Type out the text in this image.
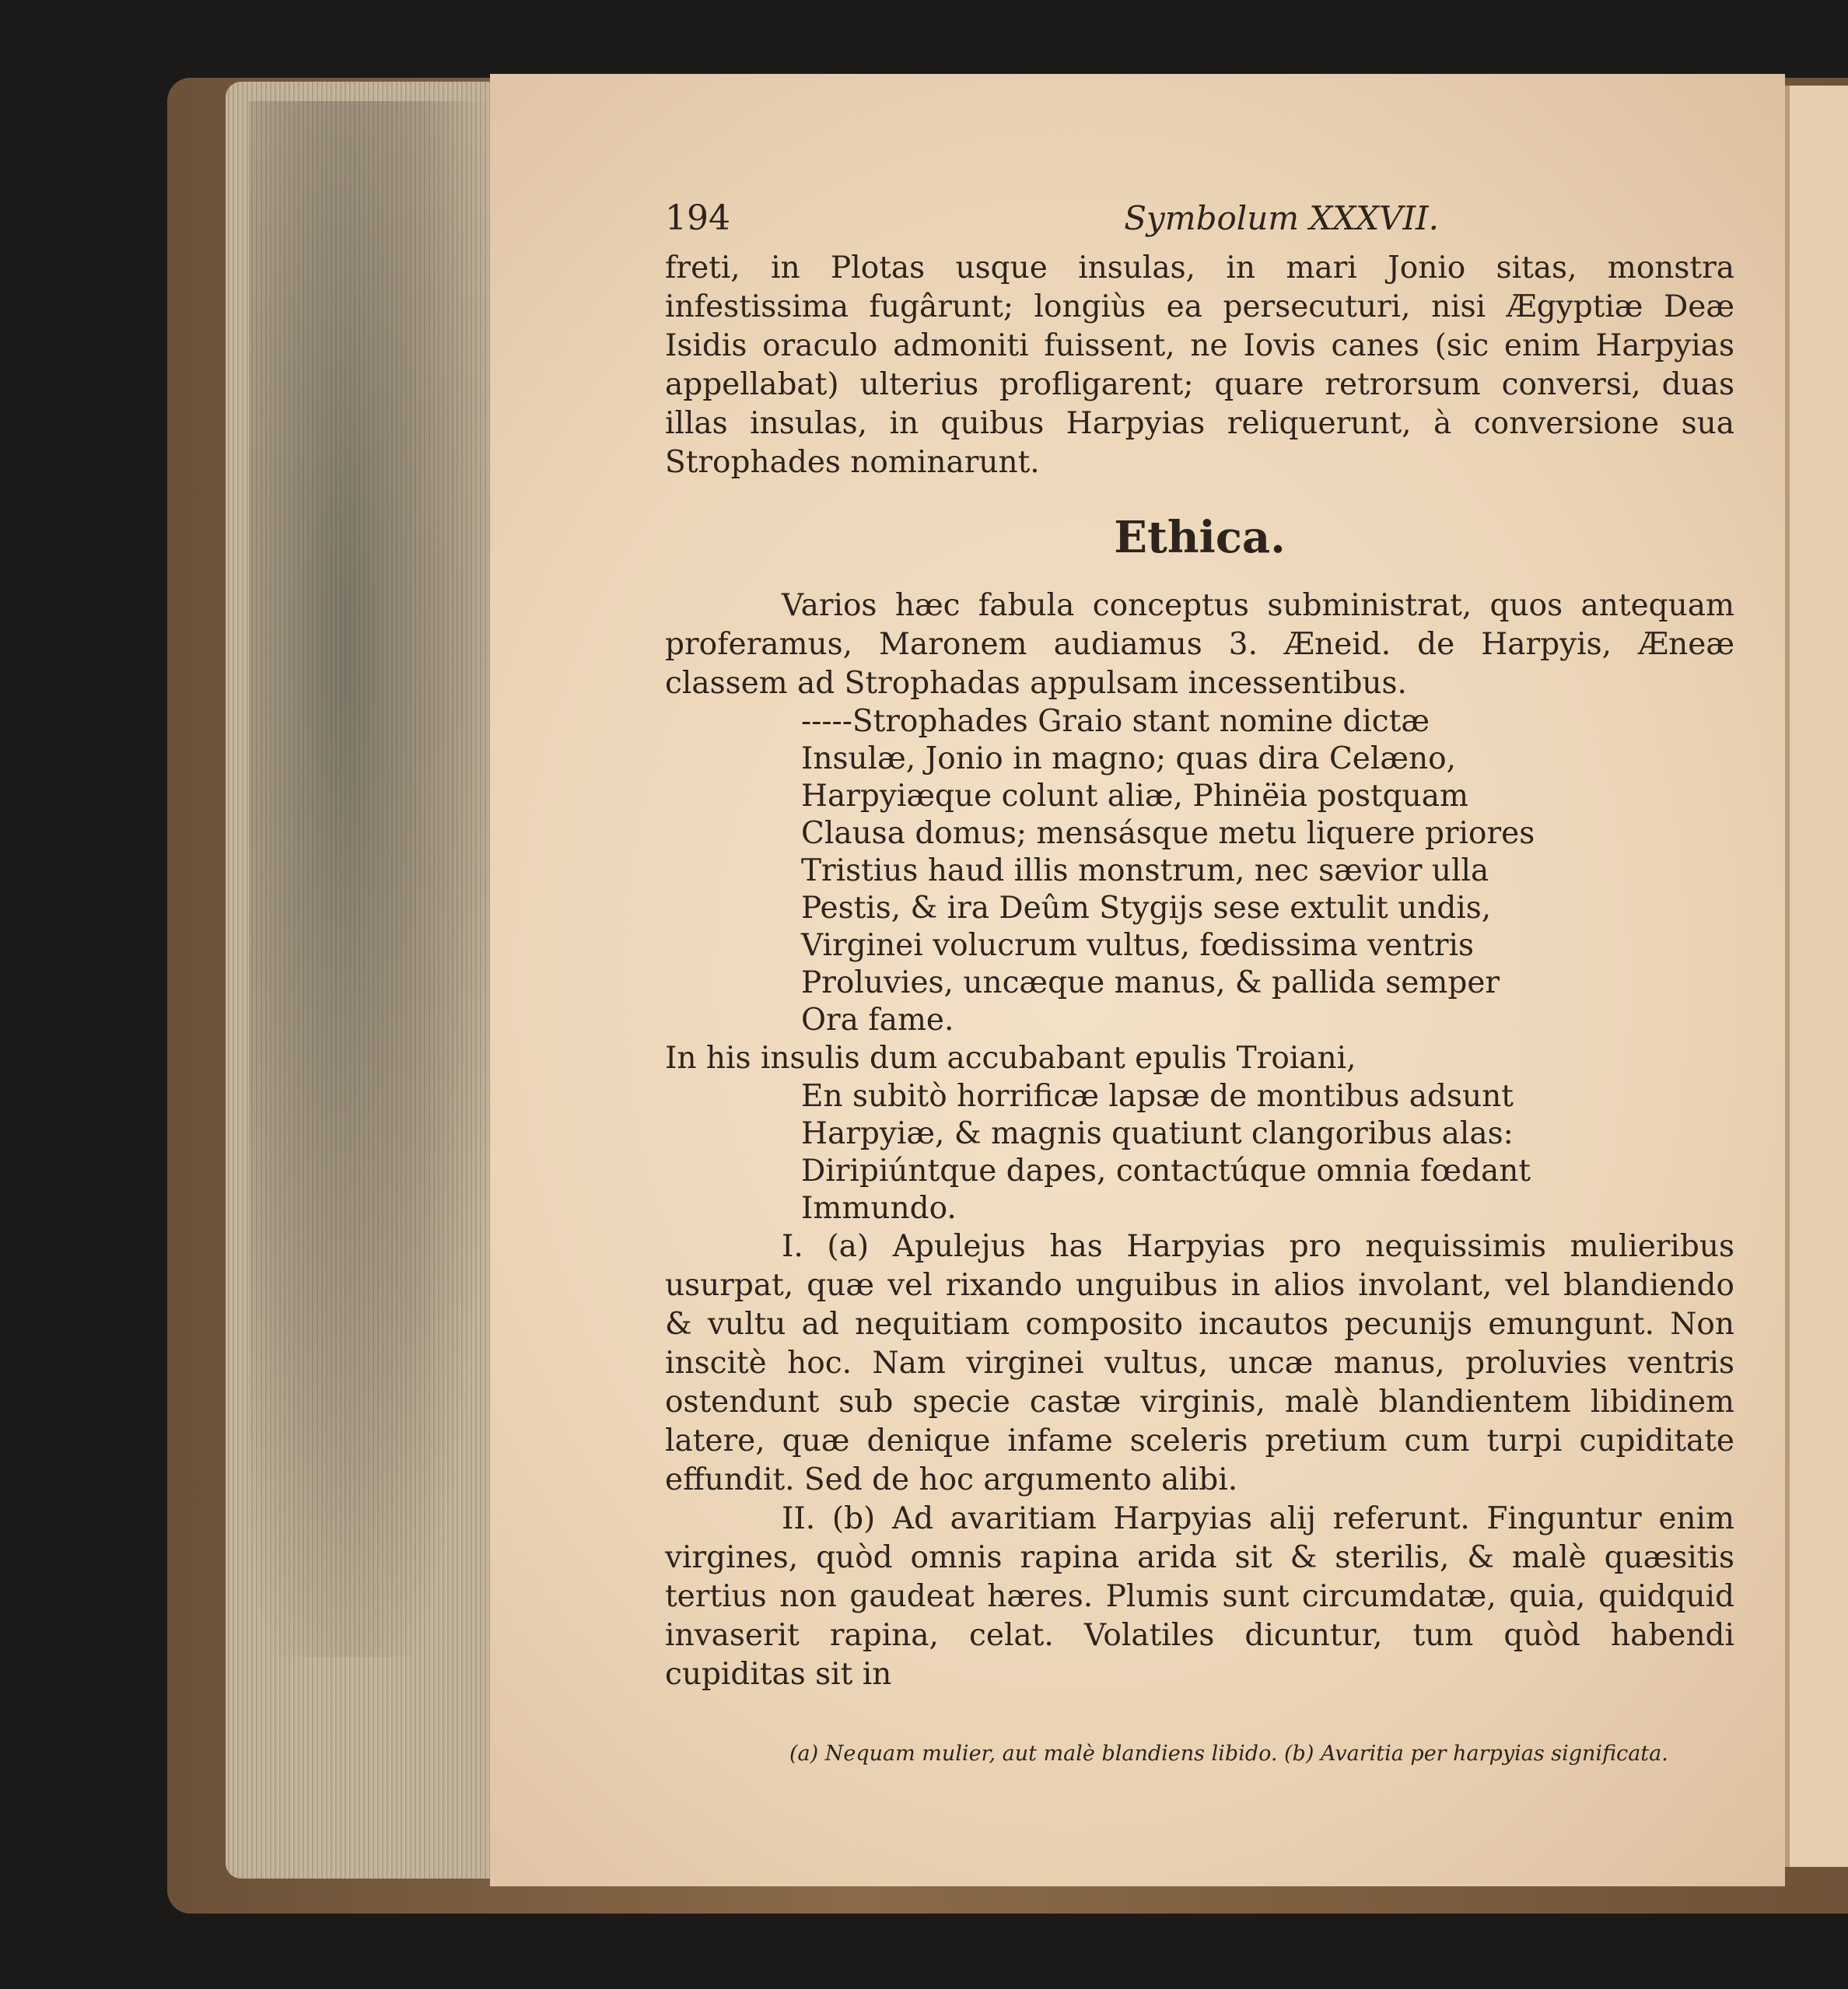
194	Symbolum XXXVII.

freti, in Plotas usque insulas, in mari Jonio sitas, monstra infestissima fugârunt; longiùs ea persecuturi, nisi Ægyptiæ Deæ Isidis oraculo admoniti fuissent, ne Iovis canes (sic enim Harpyias appellabat) ulterius profligarent; quare retrorsum conversi, duas illas insulas, in quibus Harpyias reliquerunt, à conversione sua Strophades nominarunt.

Ethica.

Varios hæc fabula conceptus subministrat, quos antequam proferamus, Maronem audiamus 3. Æneid. de Harpyis, Æneæ classem ad Strophadas appulsam incessentibus.

-----Strophades Graio stant nomine dictæ
Insulæ, Jonio in magno; quas dira Celæno,
Harpyiæque colunt aliæ, Phinëia postquam
Clausa domus; mensásque metu liquere priores
Tristius haud illis monstrum, nec sævior ulla
Pestis, & ira Deûm Stygijs sese extulit undis,
Virginei volucrum vultus, fœdissima ventris
Proluvies, uncæque manus, & pallida semper
Ora fame.

In his insulis dum accubabant epulis Troiani,

En subitò horrificæ lapsæ de montibus adsunt
Harpyiæ, & magnis quatiunt clangoribus alas:
Diripiúntque dapes, contactúque omnia fœdant
Immundo.

I. (a) Apulejus has Harpyias pro nequissimis mulieribus usurpat, quæ vel rixando unguibus in alios involant, vel blandiendo & vultu ad nequitiam composito incautos pecunijs emungunt. Non inscitè hoc. Nam virginei vultus, uncæ manus, proluvies ventris ostendunt sub specie castæ virginis, malè blandientem libidinem latere, quæ denique infame sceleris pretium cum turpi cupiditate effundit. Sed de hoc argumento alibi.

II. (b) Ad avaritiam Harpyias alij referunt. Finguntur enim virgines, quòd omnis rapina arida sit & sterilis, & malè quæsitis tertius non gaudeat hæres. Plumis sunt circumdatæ, quia, quidquid invaserit rapina, celat. Volatiles dicuntur, tum quòd habendi cupiditas sit in

(a) Nequam mulier, aut malè blandiens libido. (b) Avaritia per harpyias significata.
